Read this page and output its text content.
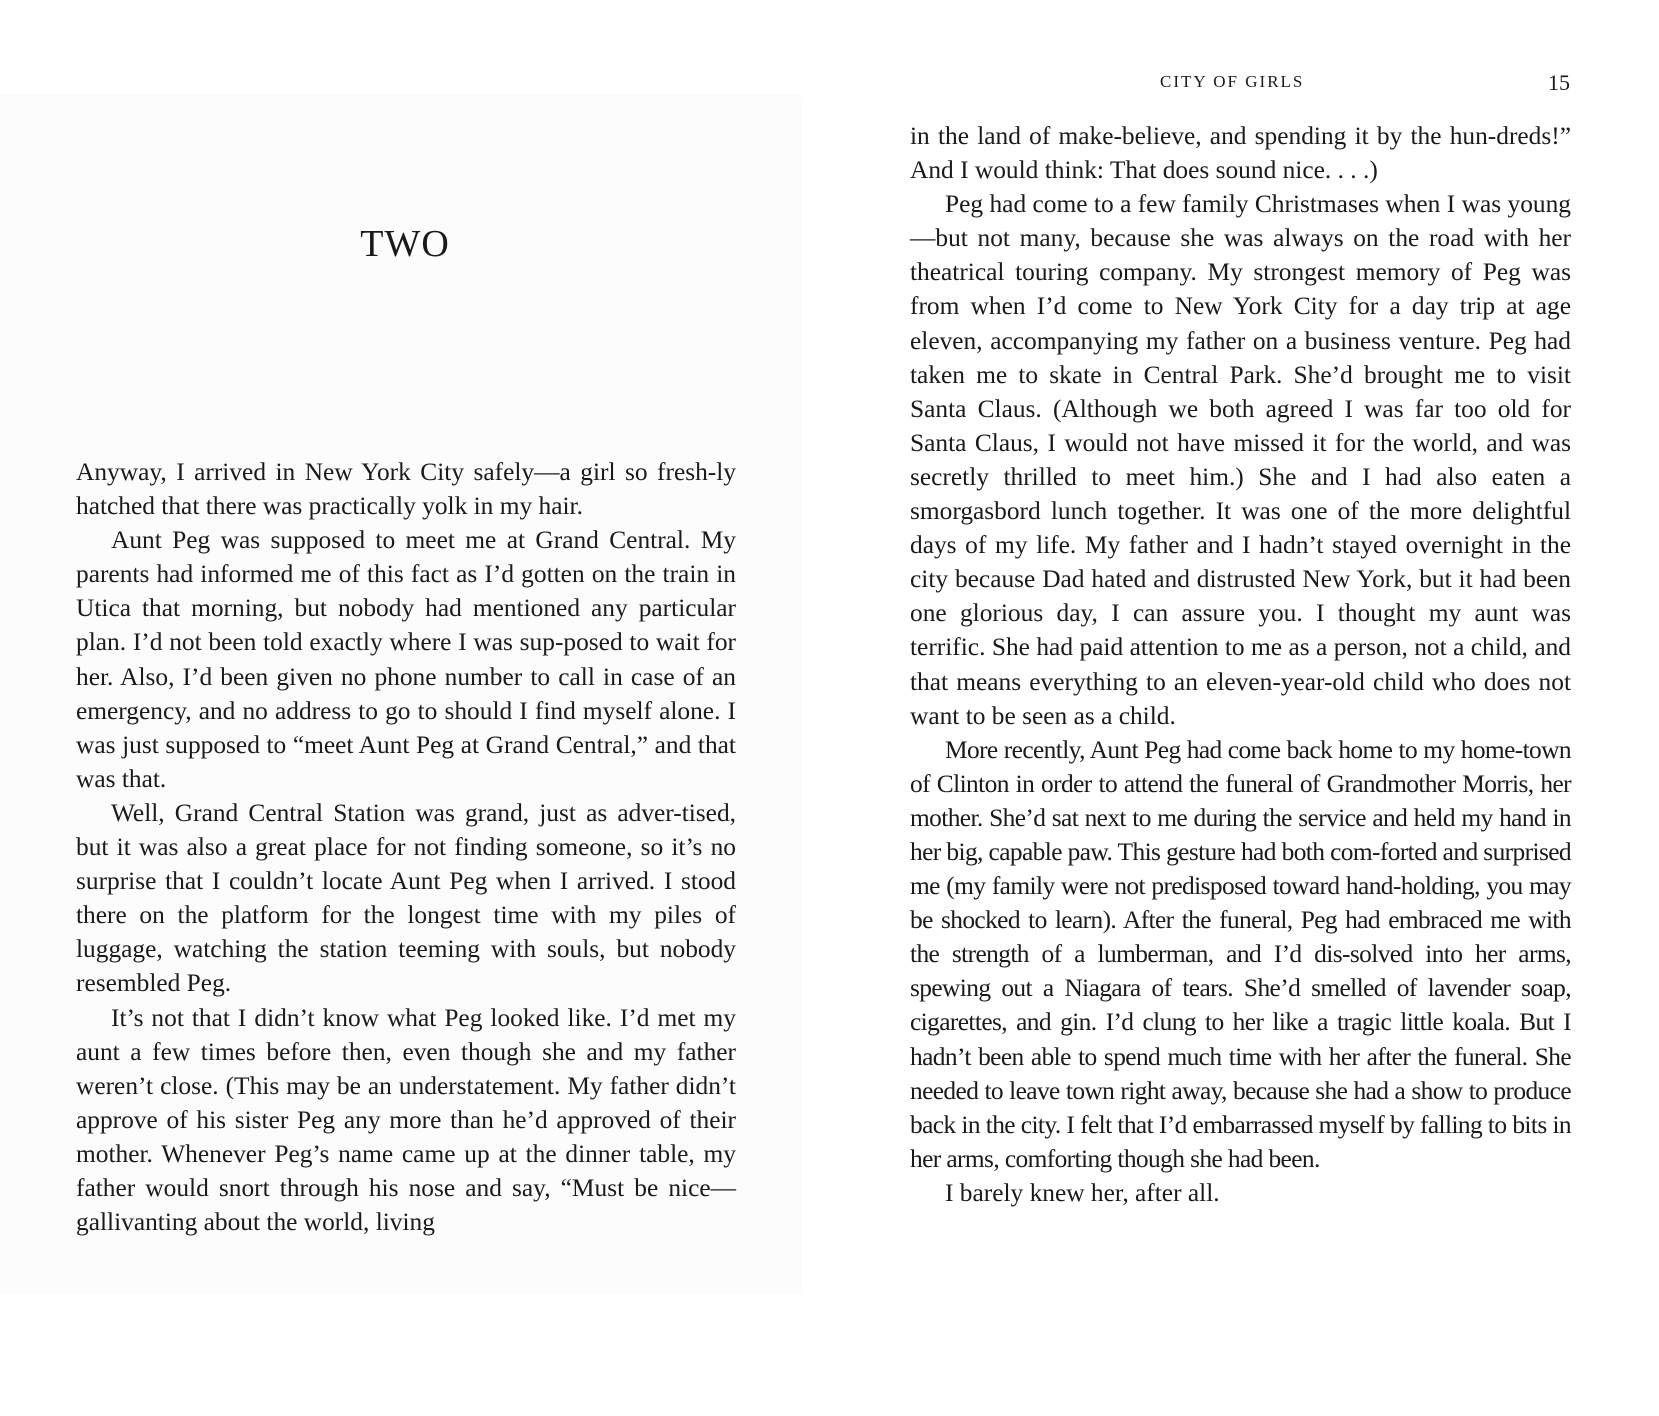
TWO

Anyway, I arrived in New York City safely—a girl so fresh-ly hatched that there was practically yolk in my hair.

Aunt Peg was supposed to meet me at Grand Central. My parents had informed me of this fact as I’d gotten on the train in Utica that morning, but nobody had mentioned any particular plan. I’d not been told exactly where I was sup-posed to wait for her. Also, I’d been given no phone number to call in case of an emergency, and no address to go to should I find myself alone. I was just supposed to “meet Aunt Peg at Grand Central,” and that was that.

Well, Grand Central Station was grand, just as adver-tised, but it was also a great place for not finding someone, so it’s no surprise that I couldn’t locate Aunt Peg when I arrived. I stood there on the platform for the longest time with my piles of luggage, watching the station teeming with souls, but nobody resembled Peg.

It’s not that I didn’t know what Peg looked like. I’d met my aunt a few times before then, even though she and my father weren’t close. (This may be an understatement. My father didn’t approve of his sister Peg any more than he’d approved of their mother. Whenever Peg’s name came up at the dinner table, my father would snort through his nose and say, “Must be nice—gallivanting about the world, living

CITY OF GIRLS	15

in the land of make-believe, and spending it by the hun-dreds!” And I would think: That does sound nice. . . .)

Peg had come to a few family Christmases when I was young—but not many, because she was always on the road with her theatrical touring company. My strongest memory of Peg was from when I’d come to New York City for a day trip at age eleven, accompanying my father on a business venture. Peg had taken me to skate in Central Park. She’d brought me to visit Santa Claus. (Although we both agreed I was far too old for Santa Claus, I would not have missed it for the world, and was secretly thrilled to meet him.) She and I had also eaten a smorgasbord lunch together. It was one of the more delightful days of my life. My father and I hadn’t stayed overnight in the city because Dad hated and distrusted New York, but it had been one glorious day, I can assure you. I thought my aunt was terrific. She had paid attention to me as a person, not a child, and that means everything to an eleven-year-old child who does not want to be seen as a child.

More recently, Aunt Peg had come back home to my home-town of Clinton in order to attend the funeral of Grandmother Morris, her mother. She’d sat next to me during the service and held my hand in her big, capable paw. This gesture had both com-forted and surprised me (my family were not predisposed toward hand-holding, you may be shocked to learn). After the funeral, Peg had embraced me with the strength of a lumberman, and I’d dis-solved into her arms, spewing out a Niagara of tears. She’d smelled of lavender soap, cigarettes, and gin. I’d clung to her like a tragic little koala. But I hadn’t been able to spend much time with her after the funeral. She needed to leave town right away, because she had a show to produce back in the city. I felt that I’d embarrassed myself by falling to bits in her arms, comforting though she had been.

I barely knew her, after all.
